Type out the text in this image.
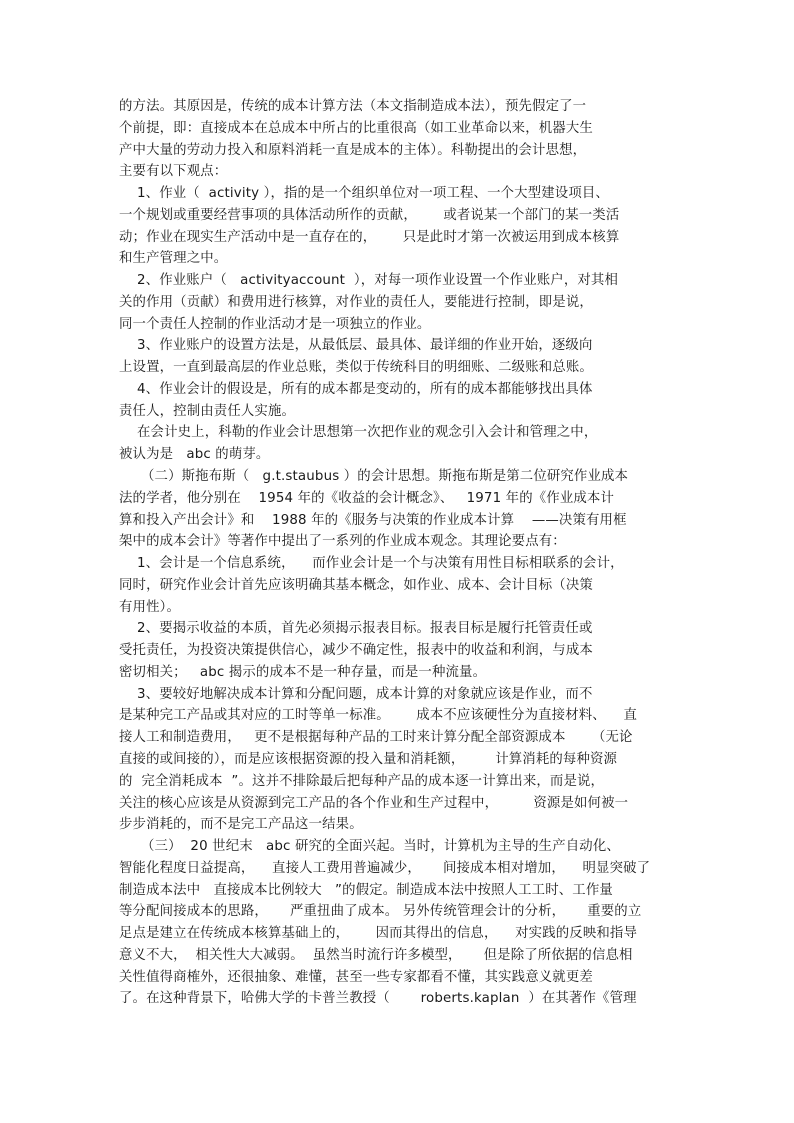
的方法。其原因是，传统的成本计算方法（本文指制造成本法），预先假定了一
个前提，即：直接成本在总成本中所占的比重很高（如工业革命以来，机器大生
产中大量的劳动力投入和原料消耗一直是成本的主体）。科勒提出的会计思想，
主要有以下观点：
1、作业（  activity ），指的是一个组织单位对一项工程、一个大型建设项目、
一个规划或重要经营事项的具体活动所作的贡献，      或者说某一个部门的某一类活
动；作业在现实生产活动中是一直存在的，      只是此时才第一次被运用到成本核算
和生产管理之中。
2、作业账户（   activityaccount  ），对每一项作业设置一个作业账户，对其相
关的作用（贡献）和费用进行核算，对作业的责任人，要能进行控制，即是说，
同一个责任人控制的作业活动才是一项独立的作业。
3、作业账户的设置方法是，从最低层、最具体、最详细的作业开始，逐级向
上设置，一直到最高层的作业总账，类似于传统科目的明细账、二级账和总账。
4、作业会计的假设是，所有的成本都是变动的，所有的成本都能够找出具体
责任人，控制由责任人实施。
在会计史上，科勒的作业会计思想第一次把作业的观念引入会计和管理之中，
被认为是   abc 的萌芽。
（二）斯拖布斯（   g.t.staubus ）的会计思想。斯拖布斯是第二位研究作业成本
法的学者，他分别在    1954 年的《收益的会计概念》、   1971 年的《作业成本计
算和投入产出会计》和    1988 年的《服务与决策的作业成本计算    ——决策有用框
架中的成本会计》等著作中提出了一系列的作业成本观念。其理论要点有：
1、会计是一个信息系统，    而作业会计是一个与决策有用性目标相联系的会计，
同时，研究作业会计首先应该明确其基本概念，如作业、成本、会计目标（决策
有用性）。
2、要揭示收益的本质，首先必须揭示报表目标。报表目标是履行托管责任或
受托责任，为投资决策提供信心，减少不确定性，报表中的收益和利润，与成本
密切相关；   abc 揭示的成本不是一种存量，而是一种流量。
3、要较好地解决成本计算和分配问题，成本计算的对象就应该是作业，而不
是某种完工产品或其对应的工时等单一标准。      成本不应该硬性分为直接材料、    直
接人工和制造费用，   更不是根据每种产品的工时来计算分配全部资源成本      （无论
直接的或间接的），而是应该根据资源的投入量和消耗额，       计算消耗的每种资源
的  完全消耗成本  ”。这并不排除最后把每种产品的成本逐一计算出来，而是说，
关注的核心应该是从资源到完工产品的各个作业和生产过程中，        资源是如何被一
步步消耗的，而不是完工产品这一结果。
（三）  20 世纪末   abc 研究的全面兴起。当时，计算机为主导的生产自动化、
智能化程度日益提高，    直接人工费用普遍减少，     间接成本相对增加，    明显突破了
制造成本法中   直接成本比例较大   ”的假定。制造成本法中按照人工工时、工作量
等分配间接成本的思路，     严重扭曲了成本。 另外传统管理会计的分析，     重要的立
足点是建立在传统成本核算基础上的，      因而其得出的信息，    对实践的反映和指导
意义不大，  相关性大大减弱。  虽然当时流行许多模型，     但是除了所依据的信息相
关性值得商榷外，还很抽象、难懂，甚至一些专家都看不懂，其实践意义就更差
了。在这种背景下，哈佛大学的卡普兰教授（       roberts.kaplan  ）在其著作《管理
